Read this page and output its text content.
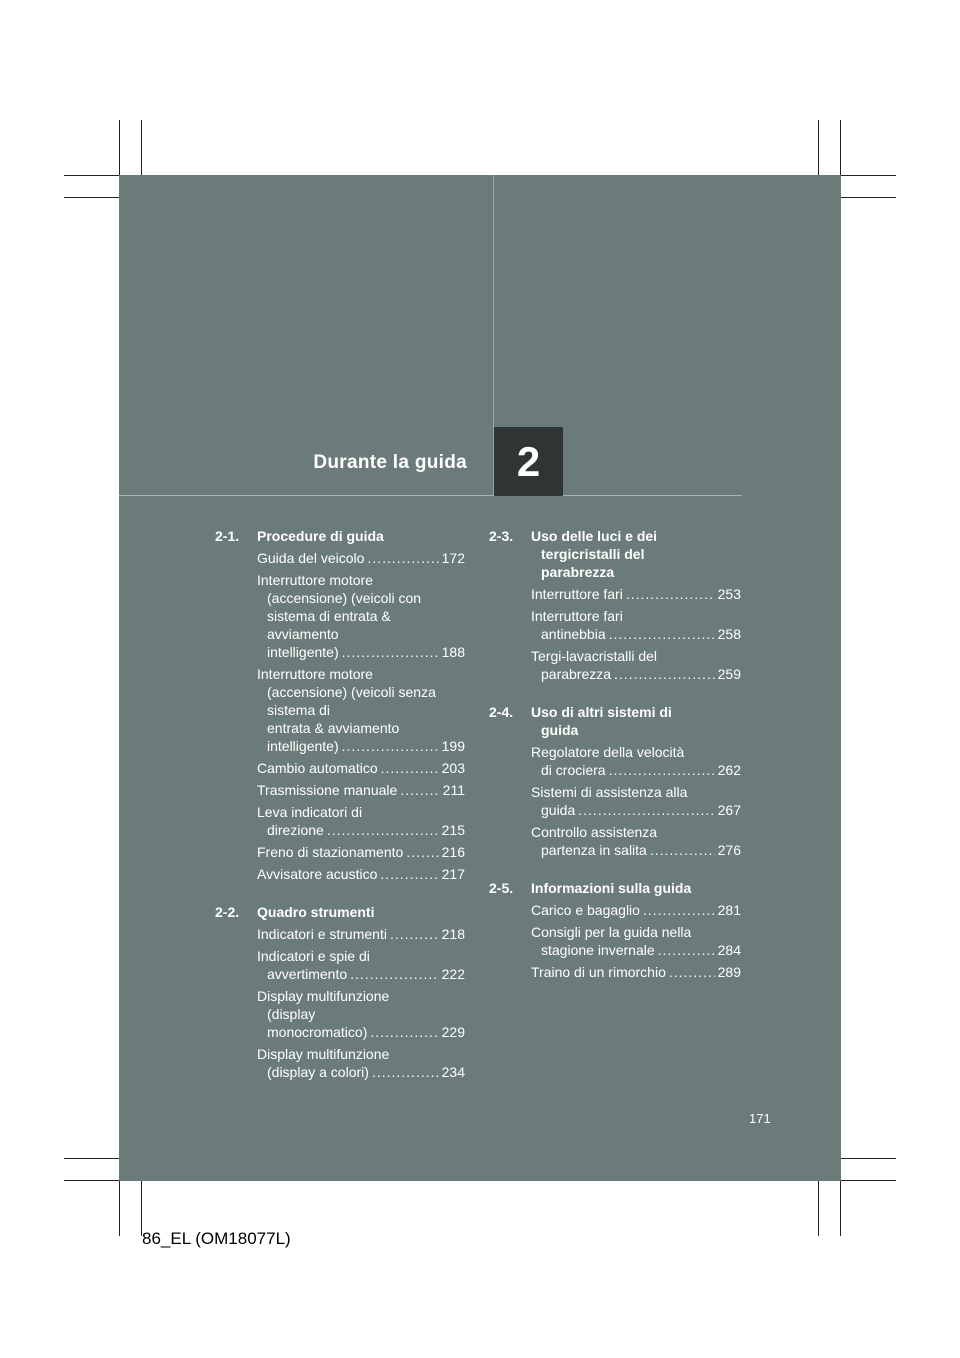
Durante la guida	2
2-1. Procedure di guida
Guida del veicolo .....	172
Interruttore motore
(accensione) (veicoli con
sistema di entrata &
avviamento
intelligente) .....	188
Interruttore motore
(accensione) (veicoli senza
sistema di
entrata & avviamento
intelligente) .....	199
Cambio automatico .....	203
Trasmissione manuale .....	211
Leva indicatori di
direzione .....	215
Freno di stazionamento .....	216
Avvisatore acustico .....	217
2-2. Quadro strumenti
Indicatori e strumenti .....	218
Indicatori e spie di
avvertimento .....	222
Display multifunzione
(display
monocromatico) .....	229
Display multifunzione
(display a colori) .....	234
2-3. Uso delle luci e dei
tergicristalli del
parabrezza
Interruttore fari .....	253
Interruttore fari
antinebbia .....	258
Tergi-lavacristalli del
parabrezza .....	259
2-4. Uso di altri sistemi di
guida
Regolatore della velocità
di crociera .....	262
Sistemi di assistenza alla
guida .....	267
Controllo assistenza
partenza in salita .....	276
2-5. Informazioni sulla guida
Carico e bagaglio .....	281
Consigli per la guida nella
stagione invernale .....	284
Traino di un rimorchio .....	289
171
86_EL (OM18077L)
